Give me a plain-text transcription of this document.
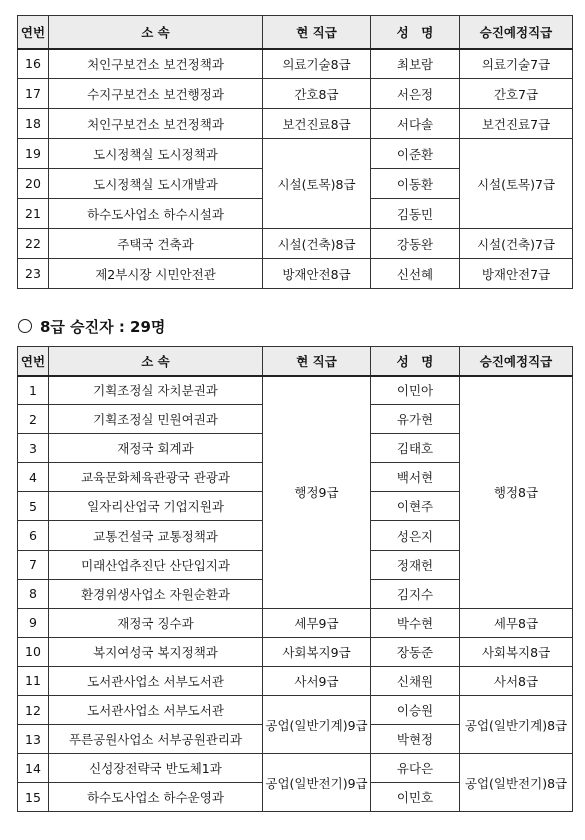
연번	소 속	현 직급	성　명	승진예정직급
16	처인구보건소 보건정책과	의료기술8급	최보람	의료기술7급
17	수지구보건소 보건행정과	간호8급	서은정	간호7급
18	처인구보건소 보건정책과	보건진료8급	서다솔	보건진료7급
19	도시정책실 도시정책과	시설(토목)8급	이준환	시설(토목)7급
20	도시정책실 도시개발과		이동환	
21	하수도사업소 하수시설과		김동민	
22	주택국 건축과	시설(건축)8급	강동완	시설(건축)7급
23	제2부시장 시민안전관	방재안전8급	신선혜	방재안전7급
8급 승진자 : 29명
연번	소 속	현 직급	성　명	승진예정직급
1	기획조정실 자치분권과	행정9급	이민아	행정8급
2	기획조정실 민원여권과		유가현	
3	재정국 회계과		김태호	
4	교육문화체육관광국 관광과		백서현	
5	일자리산업국 기업지원과		이현주	
6	교통건설국 교통정책과		성은지	
7	미래산업추진단 산단입지과		정재헌	
8	환경위생사업소 자원순환과		김지수	
9	재정국 징수과	세무9급	박수현	세무8급
10	복지여성국 복지정책과	사회복지9급	장동준	사회복지8급
11	도서관사업소 서부도서관	사서9급	신채원	사서8급
12	도서관사업소 서부도서관	공업(일반기계)9급	이승원	공업(일반기계)8급
13	푸른공원사업소 서부공원관리과		박현정	
14	신성장전략국 반도체1과	공업(일반전기)9급	유다은	공업(일반전기)8급
15	하수도사업소 하수운영과		이민호	
